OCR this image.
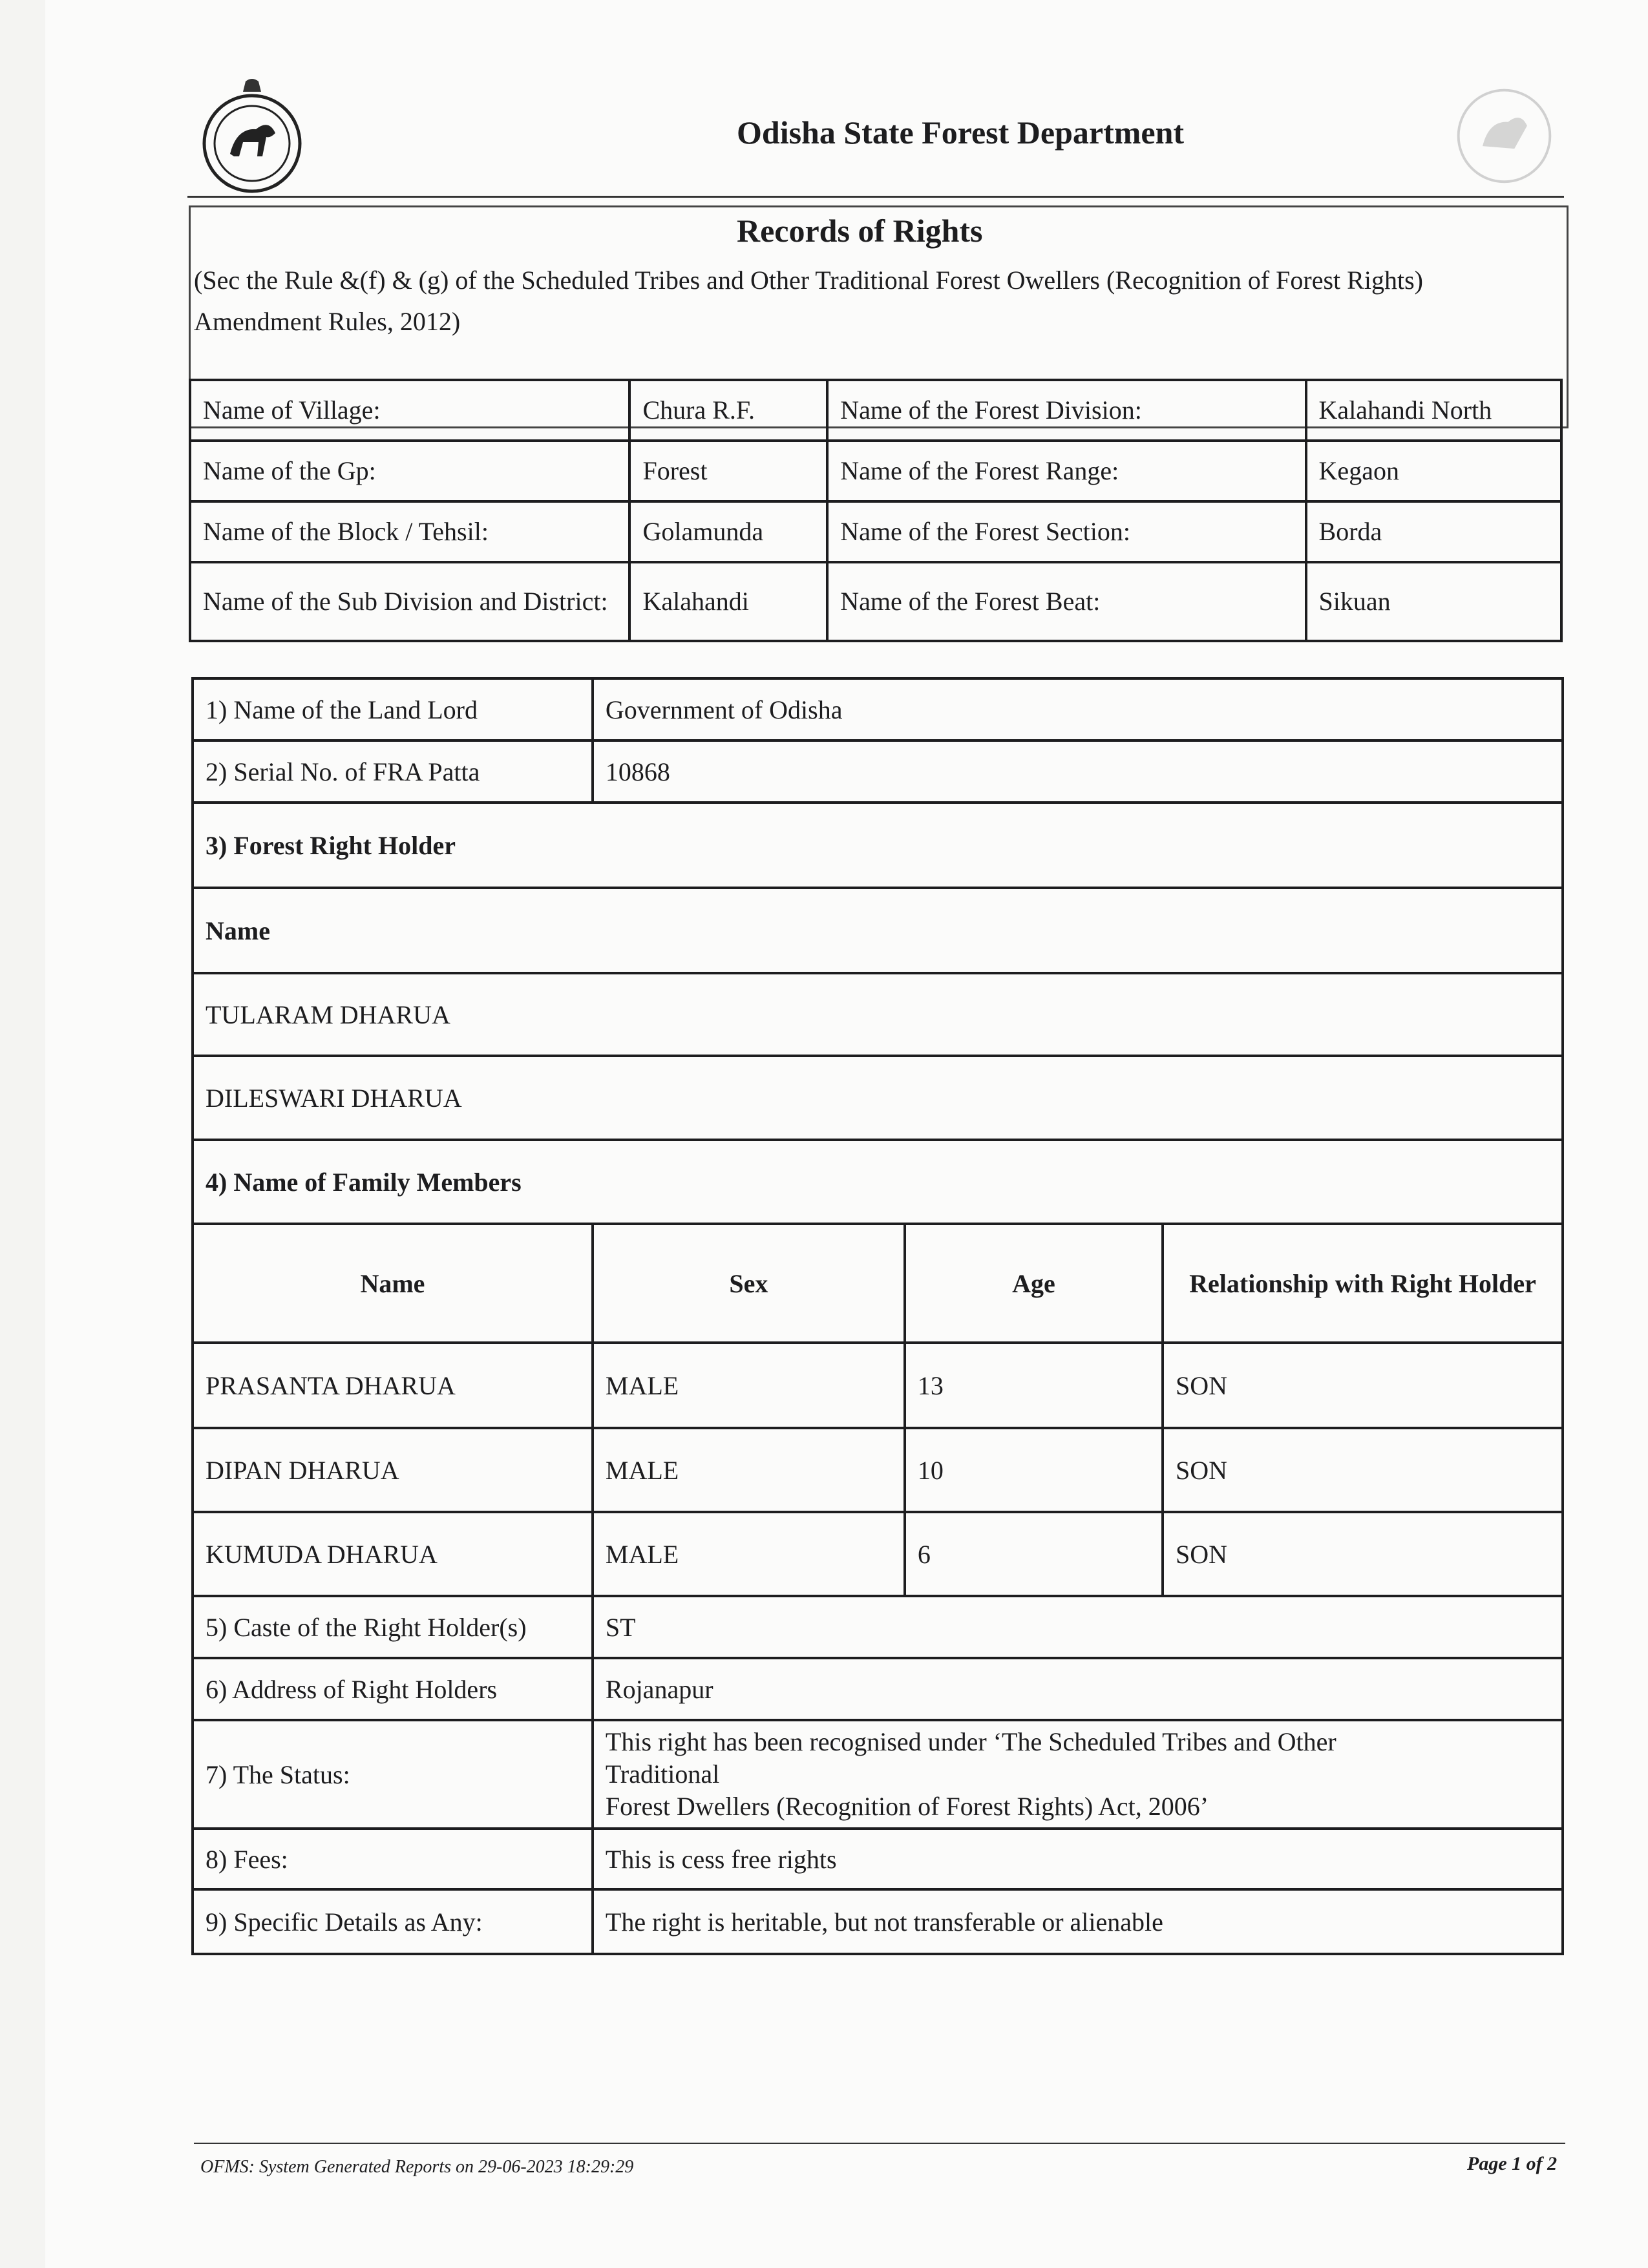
Odisha State Forest Department
Records of Rights
(Sec the Rule &(f) & (g) of the Scheduled Tribes and Other Traditional Forest Owellers (Recognition of Forest Rights) Amendment Rules, 2012)
Name of Village:	Chura R.F.	Name of the Forest Division:	Kalahandi North
Name of the Gp:	Forest	Name of the Forest Range:	Kegaon
Name of the Block / Tehsil:	Golamunda	Name of the Forest Section:	Borda
Name of the Sub Division and District:	Kalahandi	Name of the Forest Beat:	Sikuan
1) Name of the Land Lord	Government of Odisha		
2) Serial No. of FRA Patta	10868		
3) Forest Right Holder			
Name			
TULARAM DHARUA			
DILESWARI DHARUA			
4) Name of Family Members			
Name	Sex	Age	Relationship with Right Holder
PRASANTA DHARUA	MALE	13	SON
DIPAN DHARUA	MALE	10	SON
KUMUDA DHARUA	MALE	6	SON
5) Caste of the Right Holder(s)	ST		
6) Address of Right Holders	Rojanapur		
7) The Status:	This right has been recognised under ‘The Scheduled Tribes and Other
Traditional
Forest Dwellers (Recognition of Forest Rights) Act, 2006’		

8) Fees:	This is cess free rights		
9) Specific Details as Any:	The right is heritable, but not transferable or alienable		
OFMS: System Generated Reports on 29-06-2023 18:29:29	Page 1 of 2
